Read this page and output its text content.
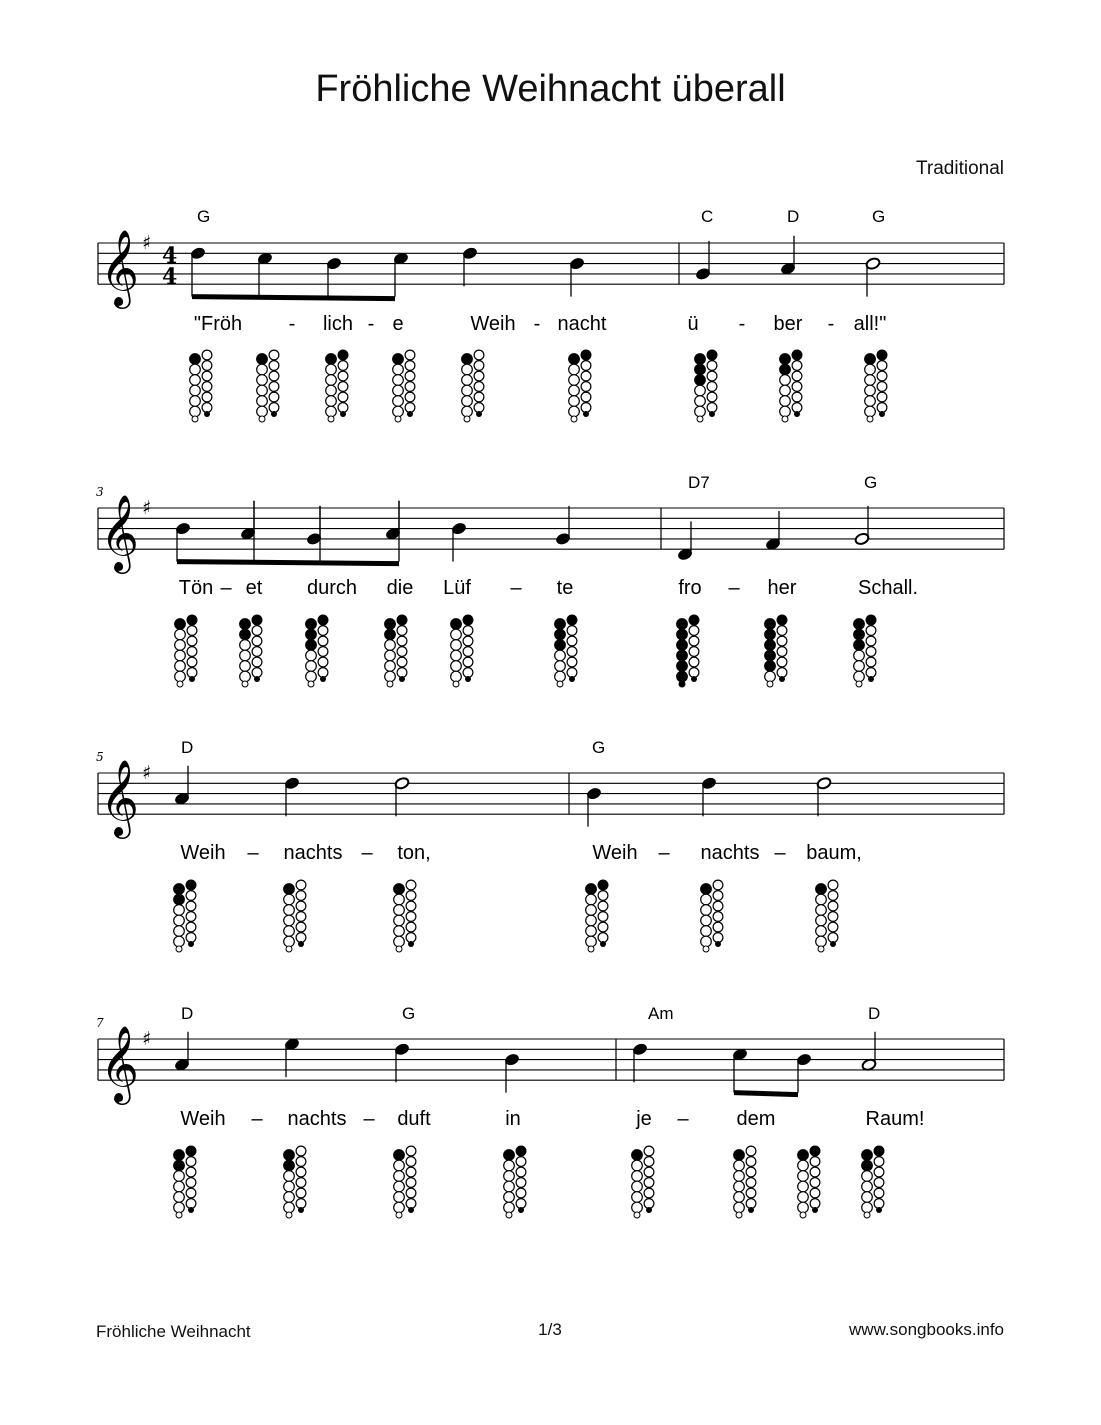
Fröhliche Weihnacht überall
Traditional
𝄞 ♯ 4
4
G	C	D	G
"Fröh	lich e	Weih nacht	ü	ber	all!"
-	-	-	-	-
𝄞 ♯
3	D7	G
Tön et durch die Lüf	te	fro	her	Schall.
–	–	–
𝄞 ♯
5	D	G
Weih	nachts	ton,	Weih	nachts baum,
–	–	–	–
𝄞 ♯
7	D	G	Am	D
Weih	nachts	duft	in	je	dem	Raum!
–	–	–
Fröhliche Weihnacht	1/3	www.songbooks.info
